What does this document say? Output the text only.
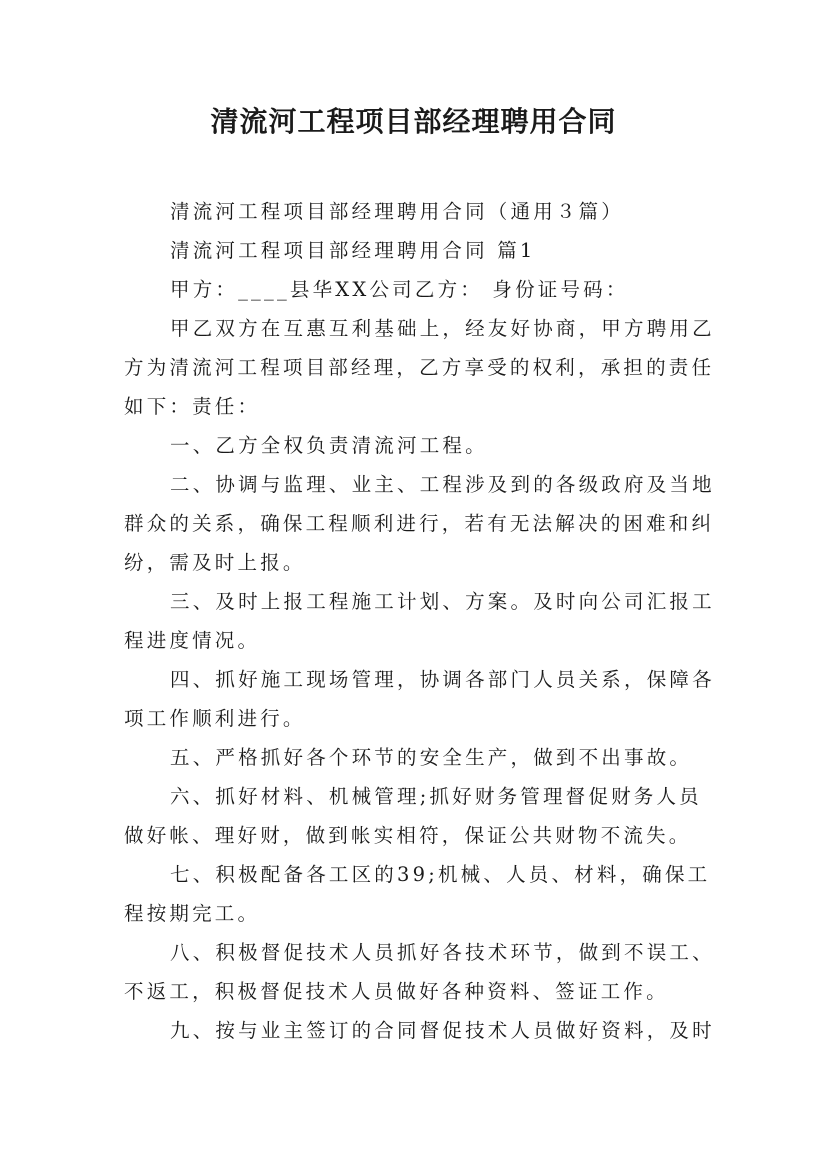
清流河工程项目部经理聘用合同
清流河工程项目部经理聘用合同（通用３篇）
清流河工程项目部经理聘用合同 篇1
甲方：____县华XX公司乙方： 身份证号码：
甲乙双方在互惠互利基础上，经友好协商，甲方聘用乙
方为清流河工程项目部经理，乙方享受的权利，承担的责任
如下：责任：
一、乙方全权负责清流河工程。
二、协调与监理、业主、工程涉及到的各级政府及当地
群众的关系，确保工程顺利进行，若有无法解决的困难和纠
纷，需及时上报。
三、及时上报工程施工计划、方案。及时向公司汇报工
程进度情况。
四、抓好施工现场管理，协调各部门人员关系，保障各
项工作顺利进行。
五、严格抓好各个环节的安全生产，做到不出事故。
六、抓好材料、机械管理;抓好财务管理督促财务人员
做好帐、理好财，做到帐实相符，保证公共财物不流失。
七、积极配备各工区的39;机械、人员、材料，确保工
程按期完工。
八、积极督促技术人员抓好各技术环节，做到不误工、
不返工，积极督促技术人员做好各种资料、签证工作。
九、按与业主签订的合同督促技术人员做好资料，及时
